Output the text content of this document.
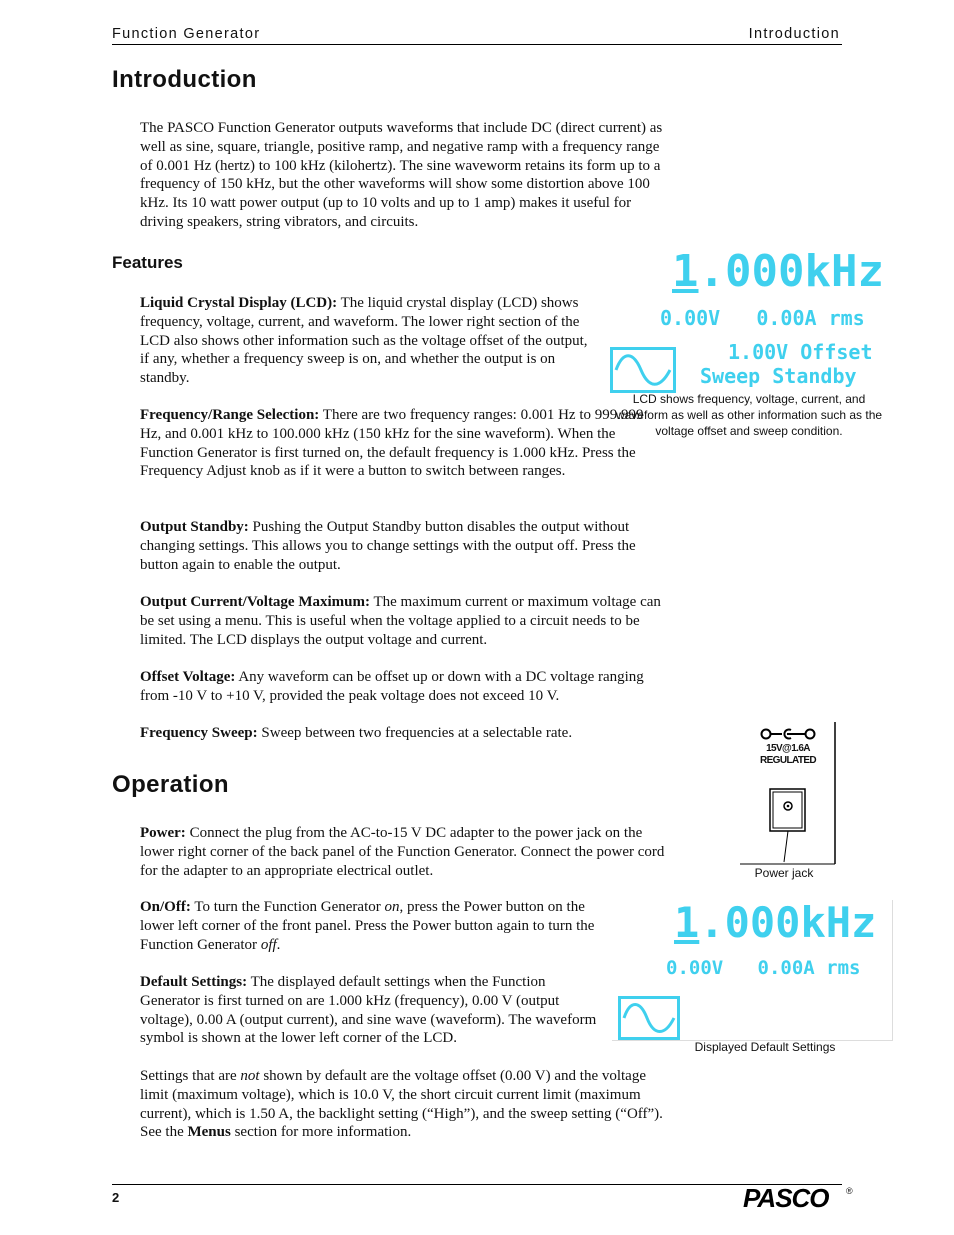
Function Generator	Introduction
Introduction

The PASCO Function Generator outputs waveforms that include DC (direct current) as well as sine, square, triangle, positive ramp, and negative ramp with a frequency range of 0.001 Hz (hertz) to 100 kHz (kilohertz). The sine waveworm retains its form up to a frequency of 150 kHz, but the other waveforms will show some distortion above 100 kHz. Its 10 watt power output (up to 10 volts and up to 1 amp) makes it useful for driving speakers, string vibrators, and circuits.

Features

Liquid Crystal Display (LCD): The liquid crystal display (LCD) shows frequency, voltage, current, and waveform. The lower right section of the LCD also shows other information such as the voltage offset of the output, if any, whether a frequency sweep is on, and whether the output is on standby.

Frequency/Range Selection: There are two frequency ranges: 0.001 Hz to 999.999 Hz, and 0.001 kHz to 100.000 kHz (150 kHz for the sine waveform). When the Function Generator is first turned on, the default frequency is 1.000 kHz. Press the Frequency Adjust knob as if it were a button to switch between ranges.

Output Standby: Pushing the Output Standby button disables the output without changing settings. This allows you to change settings with the output off. Press the button again to enable the output.

Output Current/Voltage Maximum: The maximum current or maximum voltage can be set using a menu. This is useful when the voltage applied to a circuit needs to be limited. The LCD displays the output voltage and current.

Offset Voltage: Any waveform can be offset up or down with a DC voltage ranging from -10 V to +10 V, provided the peak voltage does not exceed 10 V.

Frequency Sweep: Sweep between two frequencies at a selectable rate.

1.000kHz
0.00V   0.00A rms
1.00V Offset
Sweep Standby
LCD shows frequency, voltage, current, and waveform as well as other information such as the voltage offset and sweep condition.
15V@1.6A
REGULATED
Power jack
Operation

Power: Connect the plug from the AC-to-15 V DC adapter to the power jack on the lower right corner of the back panel of the Function Generator. Connect the power cord for the adapter to an appropriate electrical outlet.

On/Off: To turn the Function Generator on, press the Power button on the lower left corner of the front panel. Press the Power button again to turn the Function Generator off.

Default Settings: The displayed default settings when the Function Generator is first turned on are 1.000 kHz (frequency), 0.00 V (output voltage), 0.00 A (output current), and sine wave (waveform). The waveform symbol is shown at the lower left corner of the LCD.

Settings that are not shown by default are the voltage offset (0.00 V) and the voltage limit (maximum voltage), which is 10.0 V, the short circuit current limit (maximum current), which is 1.50 A, the backlight setting (“High”), and the sweep setting (“Off”). See the Menus section for more information.

1.000kHz
0.00V   0.00A rms
Displayed Default Settings
2	PASCO ®
